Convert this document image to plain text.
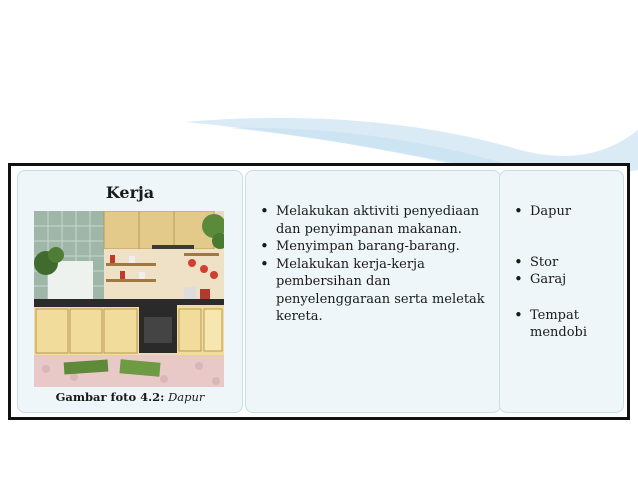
Kerja
Gambar foto 4.2: Dapur
• Melakukan aktiviti penyediaan dan penyimpanan makanan.
• Menyimpan barang-barang.
• Melakukan kerja-kerja pembersihan dan penyelenggaraan serta meletak kereta.
• Dapur
• Stor
• Garaj
• Tempat mendobi
